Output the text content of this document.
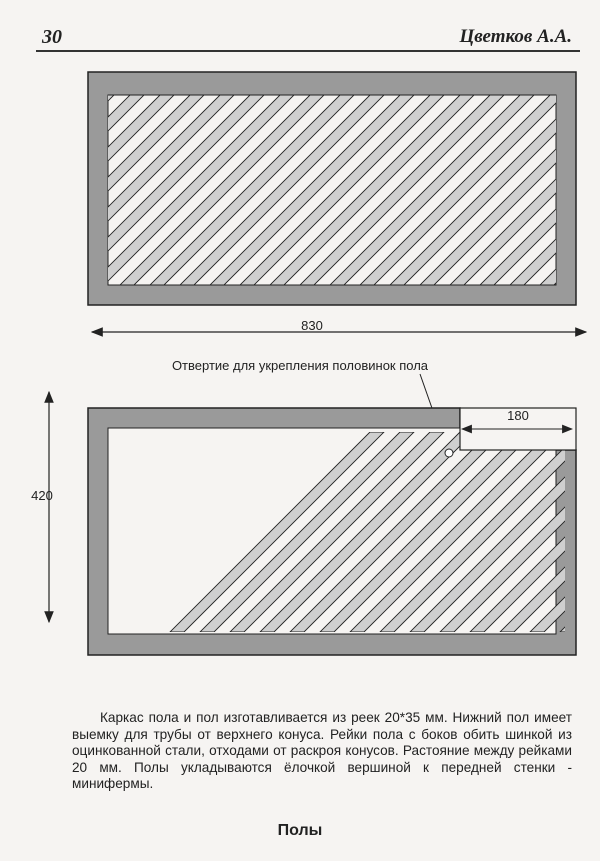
30	Цветков А.А.
830
Отвертие для укрепления половинок пола
180
420
Каркас пола и пол изготавливается из реек 20*35 мм. Нижний пол имеет выемку для трубы от верхнего конуса. Рейки пола с боков обить шинкой из оцинкованной стали, отходами от раскроя конусов. Растояние между рейками 20 мм. Полы укладываются ёлочкой вершиной к передней стенки - минифермы.
Полы
